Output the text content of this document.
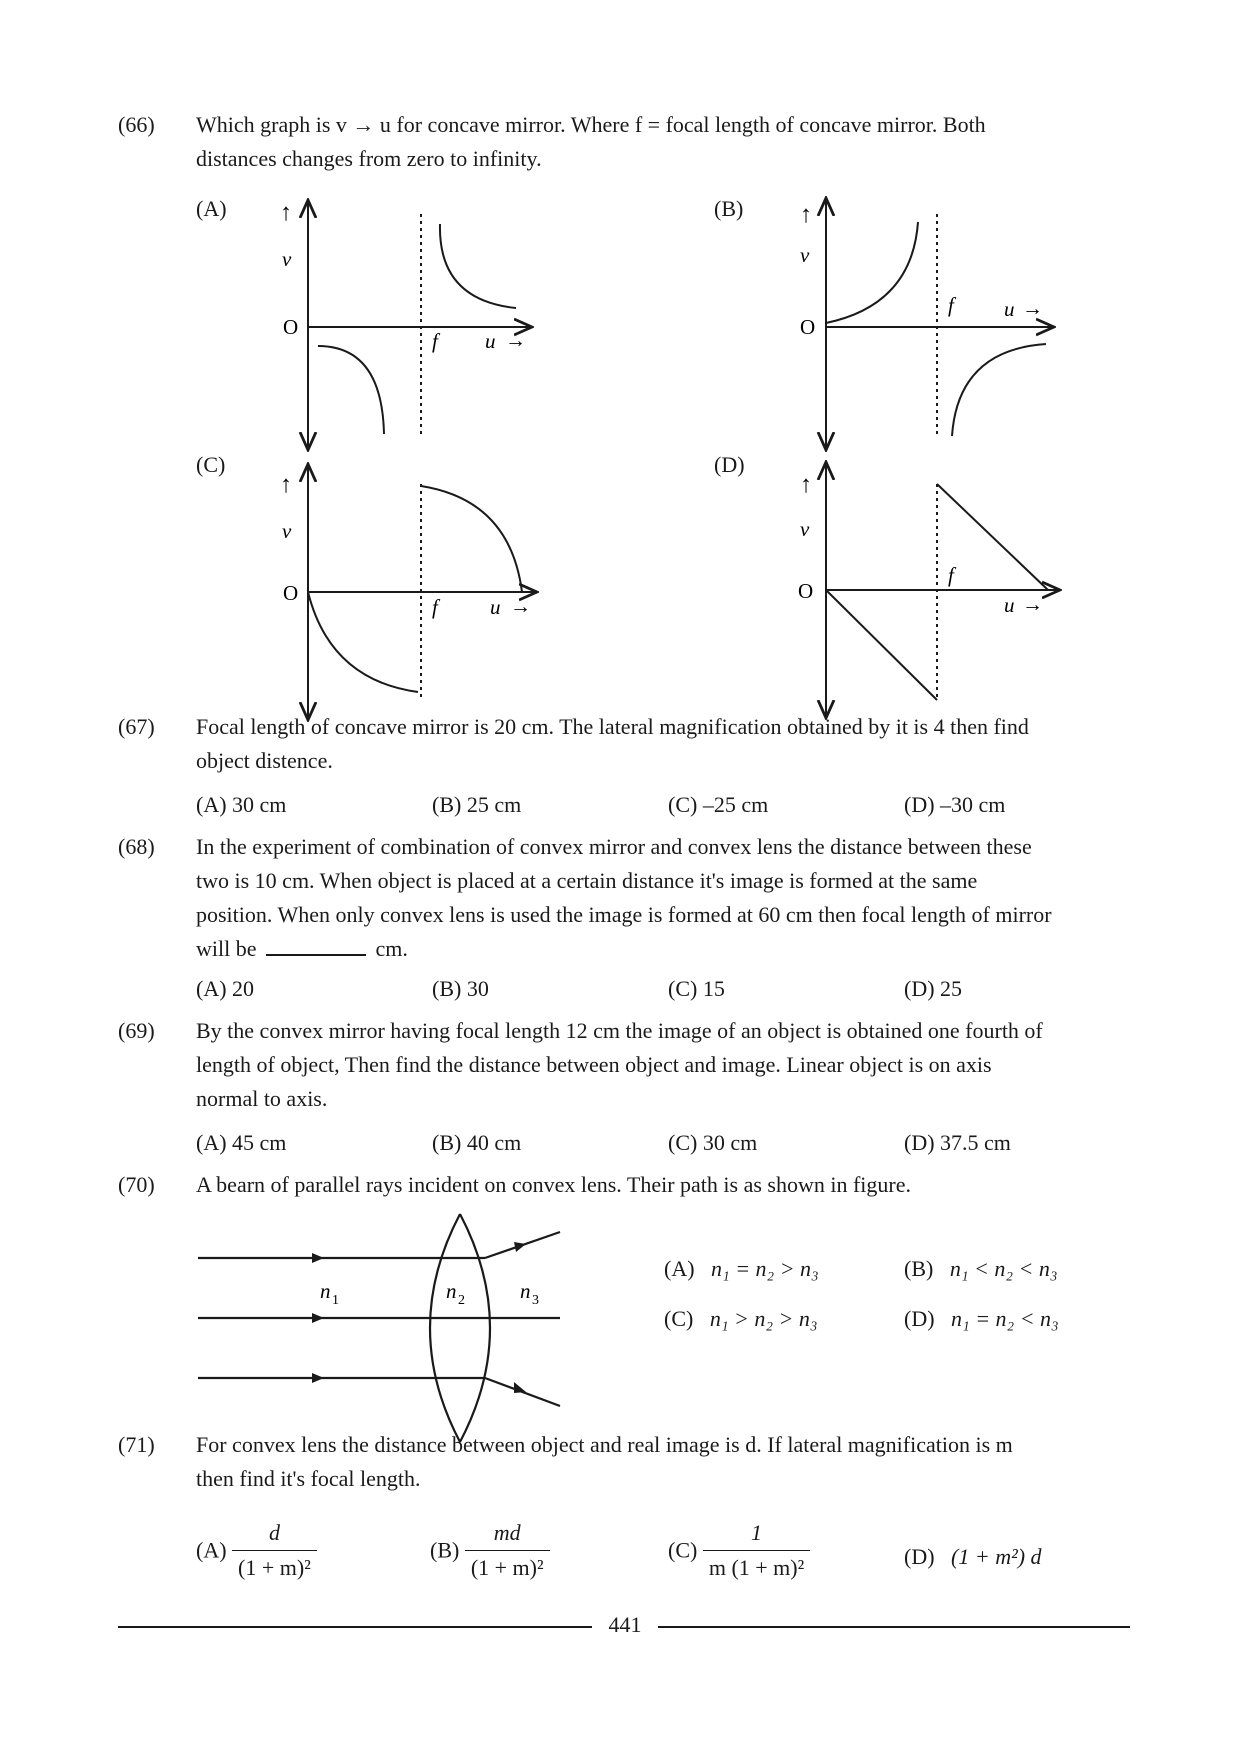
(66) Which graph is v → u for concave mirror. Where f = focal length of concave mirror. Both
distances changes from zero to infinity.
(A)	(B)
(C)	(D)
v
↑
O
f u →
v
↑
O
f u →
v
↑
O
f u →
v
↑
O
f
u →
(67) Focal length of concave mirror is 20 cm. The lateral magnification obtained by it is 4 then find
object distence.
(A) 30 cm	(B) 25 cm	(C) –25 cm	(D) –30 cm
(68) In the experiment of combination of convex mirror and convex lens the distance between these
two is 10 cm. When object is placed at a certain distance it's image is formed at the same
position. When only convex lens is used the image is formed at 60 cm then focal length of mirror
will be	cm.
(A) 20	(B) 30	(C) 15	(D) 25
(69) By the convex mirror having focal length 12 cm the image of an object is obtained one fourth of
length of object, Then find the distance between object and image. Linear object is on axis
normal to axis.
(A) 45 cm	(B) 40 cm	(C) 30 cm	(D) 37.5 cm
(70) A bearn of parallel rays incident on convex lens. Their path is as shown in figure.
n 1	n 2	n 3
(A) n₁ = n₂ > n₃	(B) n₁ < n₂ < n₃
(C) n₁ > n₂ > n₃	(D) n₁ = n₂ < n₃
(71) For convex lens the distance between object and real image is d. If lateral magnification is m
then find it's focal length.
$(A) \frac{d}{\text{(1 + m)²}}$	$(B) \frac{md}{\text{(1 + m)²}}$	$(C) \frac{1}{\text{m (1 + m)²}}$	(D) (1 + m²) d
441
